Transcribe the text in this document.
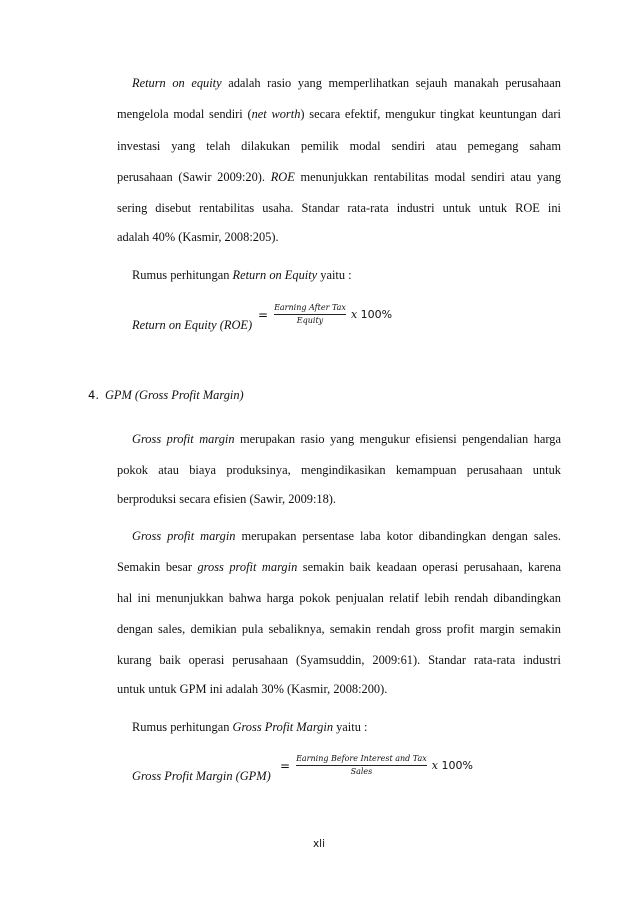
Return on equity adalah rasio yang memperlihatkan sejauh manakah perusahaan
mengelola modal sendiri (net worth) secara efektif, mengukur tingkat keuntungan dari
investasi yang telah dilakukan pemilik modal sendiri atau pemegang saham
perusahaan (Sawir 2009:20). ROE menunjukkan rentabilitas modal sendiri atau yang
sering disebut rentabilitas usaha. Standar rata-rata industri untuk untuk ROE ini
adalah 40% (Kasmir, 2008:205).
Rumus perhitungan Return on Equity yaitu :
Return on Equity (ROE)
= $\frac{\text{Earning After Tax}}{\text{Equity}}$ x 100%
4. GPM (Gross Profit Margin)
Gross profit margin merupakan rasio yang mengukur efisiensi pengendalian harga
pokok atau biaya produksinya, mengindikasikan kemampuan perusahaan untuk
berproduksi secara efisien (Sawir, 2009:18).
Gross profit margin merupakan persentase laba kotor dibandingkan dengan sales.
Semakin besar gross profit margin semakin baik keadaan operasi perusahaan, karena
hal ini menunjukkan bahwa harga pokok penjualan relatif lebih rendah dibandingkan
dengan sales, demikian pula sebaliknya, semakin rendah gross profit margin semakin
kurang baik operasi perusahaan (Syamsuddin, 2009:61). Standar rata-rata industri
untuk untuk GPM ini adalah 30% (Kasmir, 2008:200).
Rumus perhitungan Gross Profit Margin yaitu :
Gross Profit Margin (GPM)
= $\frac{\text{Earning Before Interest and Tax}}{\text{Sales}}$ x 100%
xli
